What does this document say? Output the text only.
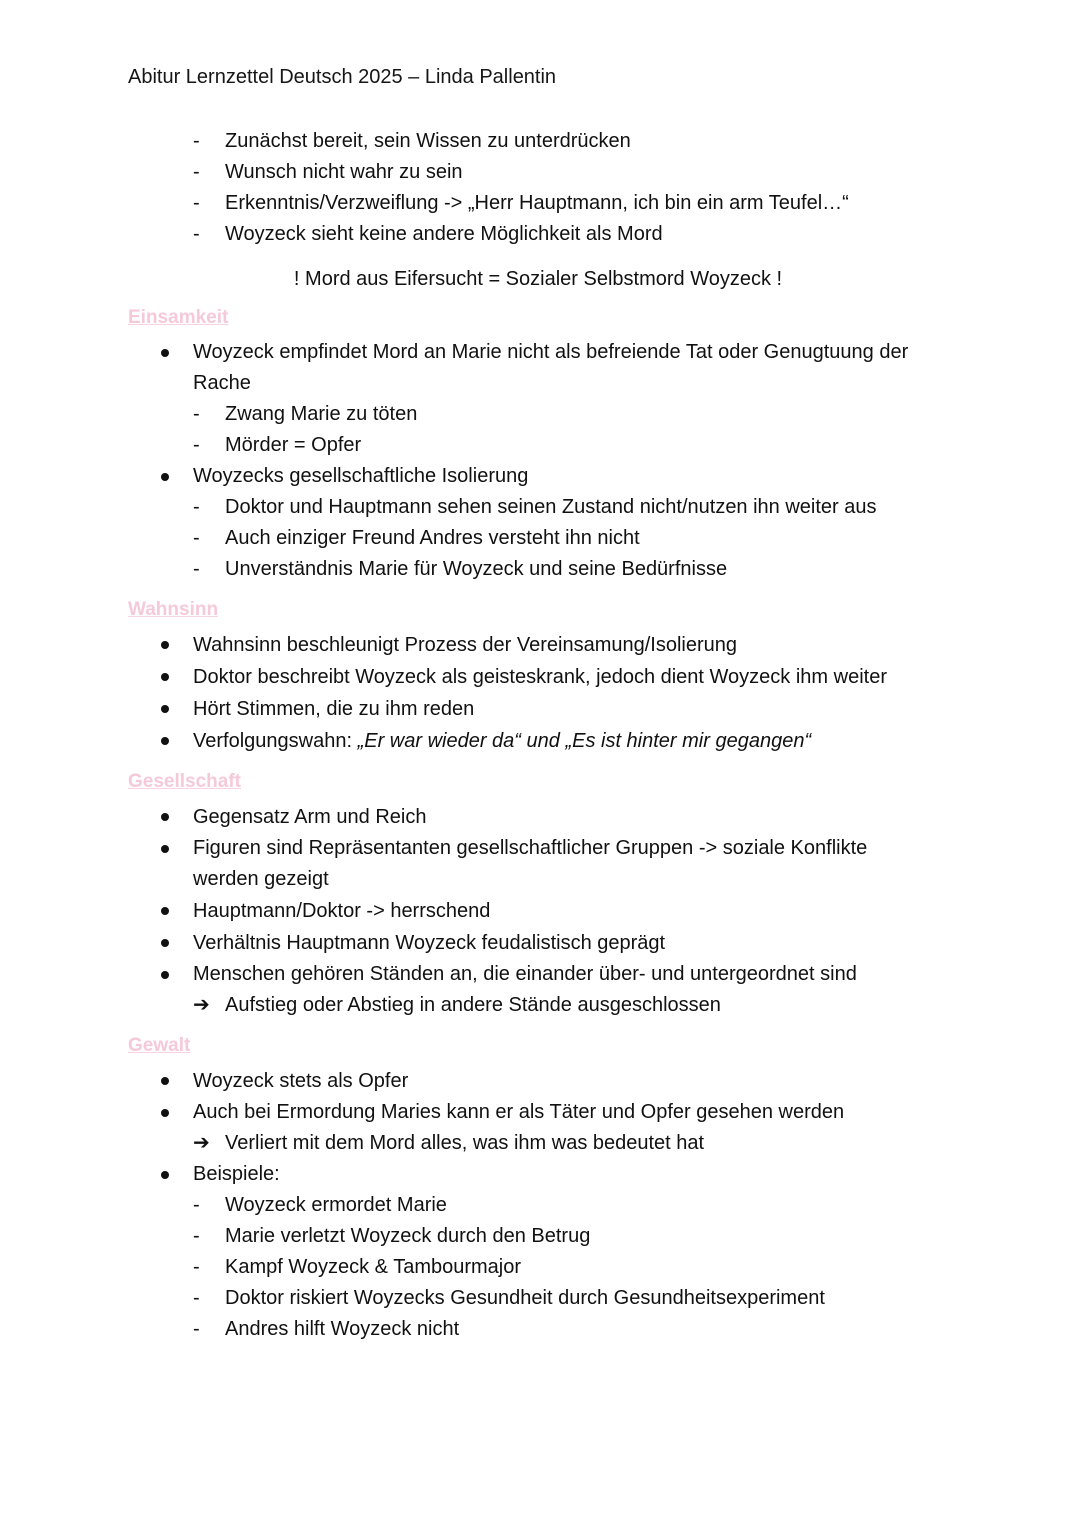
Abitur Lernzettel Deutsch 2025 – Linda Pallentin
- Zunächst bereit, sein Wissen zu unterdrücken
- Wunsch nicht wahr zu sein
- Erkenntnis/Verzweiflung -> „Herr Hauptmann, ich bin ein arm Teufel…“
- Woyzeck sieht keine andere Möglichkeit als Mord
! Mord aus Eifersucht = Sozialer Selbstmord Woyzeck !
Einsamkeit
Woyzeck empfindet Mord an Marie nicht als befreiende Tat oder Genugtuung der
Rache
- Zwang Marie zu töten
- Mörder = Opfer
Woyzecks gesellschaftliche Isolierung
- Doktor und Hauptmann sehen seinen Zustand nicht/nutzen ihn weiter aus
- Auch einziger Freund Andres versteht ihn nicht
- Unverständnis Marie für Woyzeck und seine Bedürfnisse
Wahnsinn
Wahnsinn beschleunigt Prozess der Vereinsamung/Isolierung
Doktor beschreibt Woyzeck als geisteskrank, jedoch dient Woyzeck ihm weiter
Hört Stimmen, die zu ihm reden
Verfolgungswahn: „Er war wieder da“ und „Es ist hinter mir gegangen“
Gesellschaft
Gegensatz Arm und Reich
Figuren sind Repräsentanten gesellschaftlicher Gruppen -> soziale Konflikte
werden gezeigt
Hauptmann/Doktor -> herrschend
Verhältnis Hauptmann Woyzeck feudalistisch geprägt
Menschen gehören Ständen an, die einander über- und untergeordnet sind
➔ Aufstieg oder Abstieg in andere Stände ausgeschlossen
Gewalt
Woyzeck stets als Opfer
Auch bei Ermordung Maries kann er als Täter und Opfer gesehen werden
➔ Verliert mit dem Mord alles, was ihm was bedeutet hat
Beispiele:
- Woyzeck ermordet Marie
- Marie verletzt Woyzeck durch den Betrug
- Kampf Woyzeck & Tambourmajor
- Doktor riskiert Woyzecks Gesundheit durch Gesundheitsexperiment
- Andres hilft Woyzeck nicht
